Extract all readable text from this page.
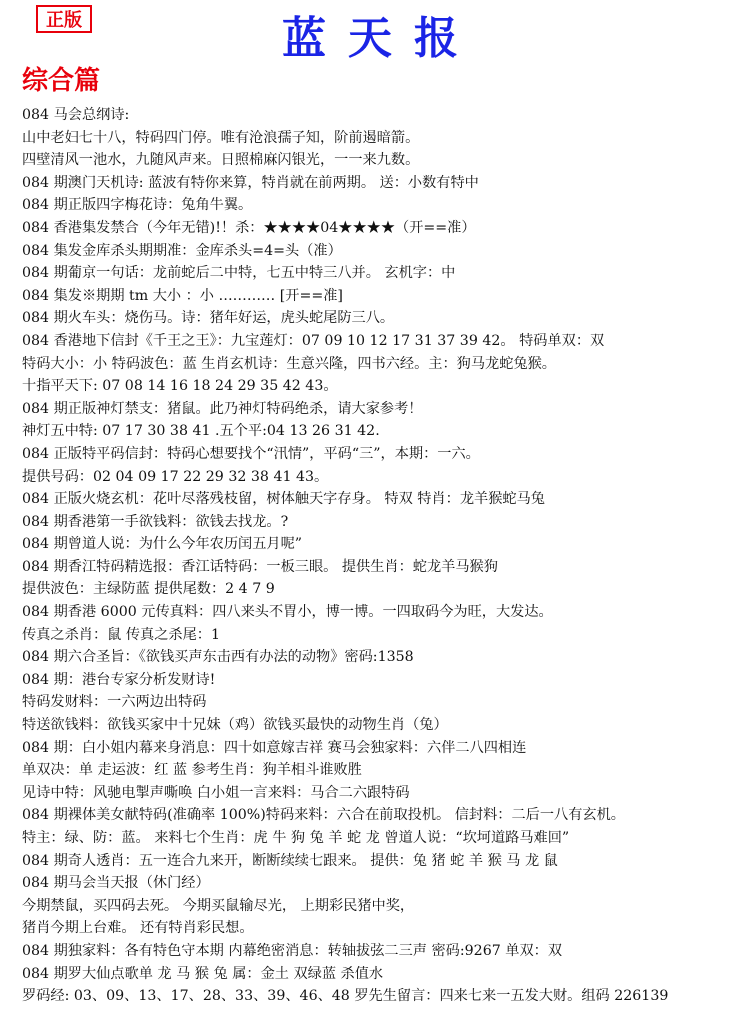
正版	蓝天报
综合篇
084 马会总纲诗:
山中老妇七十八，特码四门停。唯有沧浪孺子知，阶前遏暗箭。
四壁清风一池水，九随风声来。日照棉麻闪银光，一一来九数。
084 期澳门天机诗: 蓝波有特你来算，特肖就在前两期。 送：小数有特中
084 期正版四字梅花诗：兔角牛翼。
084 香港集发禁合（今年无错)!！杀：★★★★04★★★★（开==准）
084 集发金库杀头期期准：金库杀头=4=头（准）
084 期葡京一句话：龙前蛇后二中特，七五中特三八并。 玄机字：中
084 集发※期期 tm 大小 ：小 ………… [开==准]
084 期火车头：烧伤马。诗：猪年好运，虎头蛇尾防三八。
084 香港地下信封《千王之王》：九宝莲灯：07 09 10 12 17 31 37 39 42。 特码单双：双
特码大小：小 特码波色：蓝 生肖玄机诗：生意兴隆，四书六经。主：狗马龙蛇兔猴。
十指平天下: 07 08 14 16 18 24 29 35 42 43。
084 期正版神灯禁支：猪鼠。此乃神灯特码绝杀，请大家参考！
神灯五中特: 07 17 30 38 41 .五个平:04 13 26 31 42.
084 正版特平码信封：特码心想要找个“汛情”，平码“三”，本期：一六。
提供号码：02 04 09 17 22 29 32 38 41 43。
084 正版火烧玄机：花叶尽落残枝留，树体触天字存身。 特双 特肖：龙羊猴蛇马兔
084 期香港第一手欲钱料：欲钱去找龙。?
084 期曾道人说：为什么今年农历闰五月呢”
084 期香江特码精选报：香江话特码：一板三眼。 提供生肖：蛇龙羊马猴狗
提供波色：主绿防蓝 提供尾数：2 4 7 9
084 期香港 6000 元传真料：四八来头不胃小，博一博。一四取码今为旺，大发达。
传真之杀肖：鼠 传真之杀尾：1
084 期六合圣旨：《欲钱买声东击西有办法的动物》密码:1358
084 期：港台专家分析发财诗!
特码发财料：一六两边出特码
特送欲钱料：欲钱买家中十兄妹（鸡）欲钱买最快的动物生肖（兔）
084 期：白小姐内幕来身消息：四十如意嫁吉祥 赛马会独家料：六伴二八四相连
单双决：单 走运波：红 蓝 参考生肖：狗羊相斗谁败胜
见诗中特：风驰电掣声嘶唤 白小姐一言来料：马合二六跟特码
084 期裸体美女献特码(准确率 100%)特码来料：六合在前取投机。 信封料：二后一八有玄机。
特主：绿、防：蓝。 来料七个生肖：虎 牛 狗 兔 羊 蛇 龙 曾道人说：“坎坷道路马难回”
084 期奇人透肖：五一连合九来开，断断续续七跟来。 提供：兔 猪 蛇 羊 猴 马 龙 鼠
084 期马会当天报（休门经）
今期禁鼠，买四码去死。 今期买鼠输尽光， 上期彩民猪中奖，
猪肖今期上台难。 还有特肖彩民想。
084 期独家料：各有特色守本期 内幕绝密消息：转轴拔弦二三声 密码:9267 单双：双
084 期罗大仙点歌单 龙 马 猴 兔 属：金土 双绿蓝 杀值水
罗码经: 03、09、13、17、28、33、39、46、48 罗先生留言：四来七来一五发大财。组码 226139
